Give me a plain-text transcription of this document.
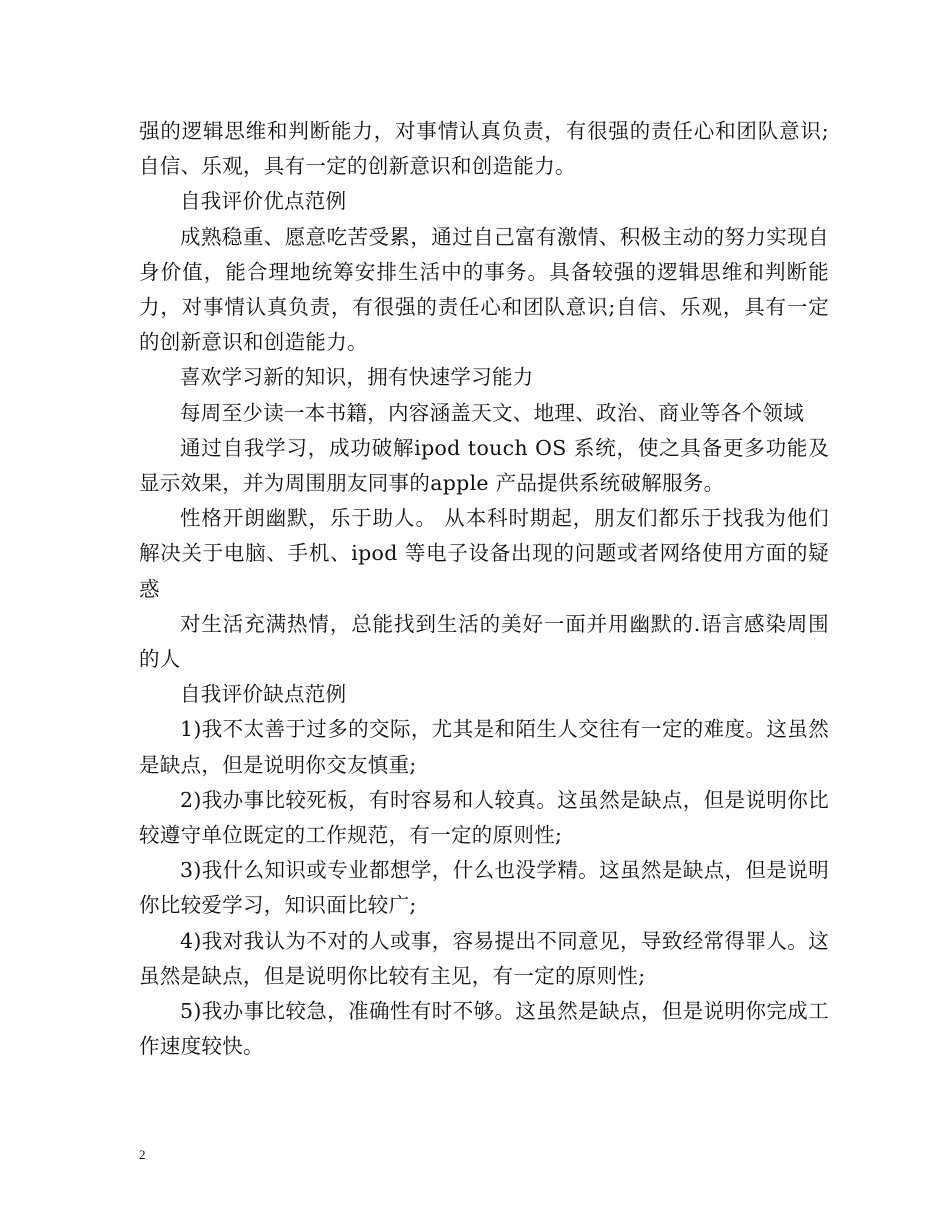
强的逻辑思维和判断能力，对事情认真负责，有很强的责任心和团队意识;自信、乐观，具有一定的创新意识和创造能力。

自我评价优点范例

成熟稳重、愿意吃苦受累，通过自己富有激情、积极主动的努力实现自身价值，能合理地统筹安排生活中的事务。具备较强的逻辑思维和判断能力，对事情认真负责，有很强的责任心和团队意识;自信、乐观，具有一定的创新意识和创造能力。

喜欢学习新的知识，拥有快速学习能力

每周至少读一本书籍，内容涵盖天文、地理、政治、商业等各个领域

通过自我学习，成功破解ipod touch OS 系统，使之具备更多功能及显示效果，并为周围朋友同事的apple 产品提供系统破解服务。

性格开朗幽默，乐于助人。 从本科时期起，朋友们都乐于找我为他们解决关于电脑、手机、ipod 等电子设备出现的问题或者网络使用方面的疑惑

对生活充满热情，总能找到生活的美好一面并用幽默的.语言感染周围的人

自我评价缺点范例

1)我不太善于过多的交际，尤其是和陌生人交往有一定的难度。这虽然是缺点，但是说明你交友慎重;

2)我办事比较死板，有时容易和人较真。这虽然是缺点，但是说明你比较遵守单位既定的工作规范，有一定的原则性;

3)我什么知识或专业都想学，什么也没学精。这虽然是缺点，但是说明你比较爱学习，知识面比较广;

4)我对我认为不对的人或事，容易提出不同意见，导致经常得罪人。这虽然是缺点，但是说明你比较有主见，有一定的原则性;

5)我办事比较急，准确性有时不够。这虽然是缺点，但是说明你完成工作速度较快。

2
